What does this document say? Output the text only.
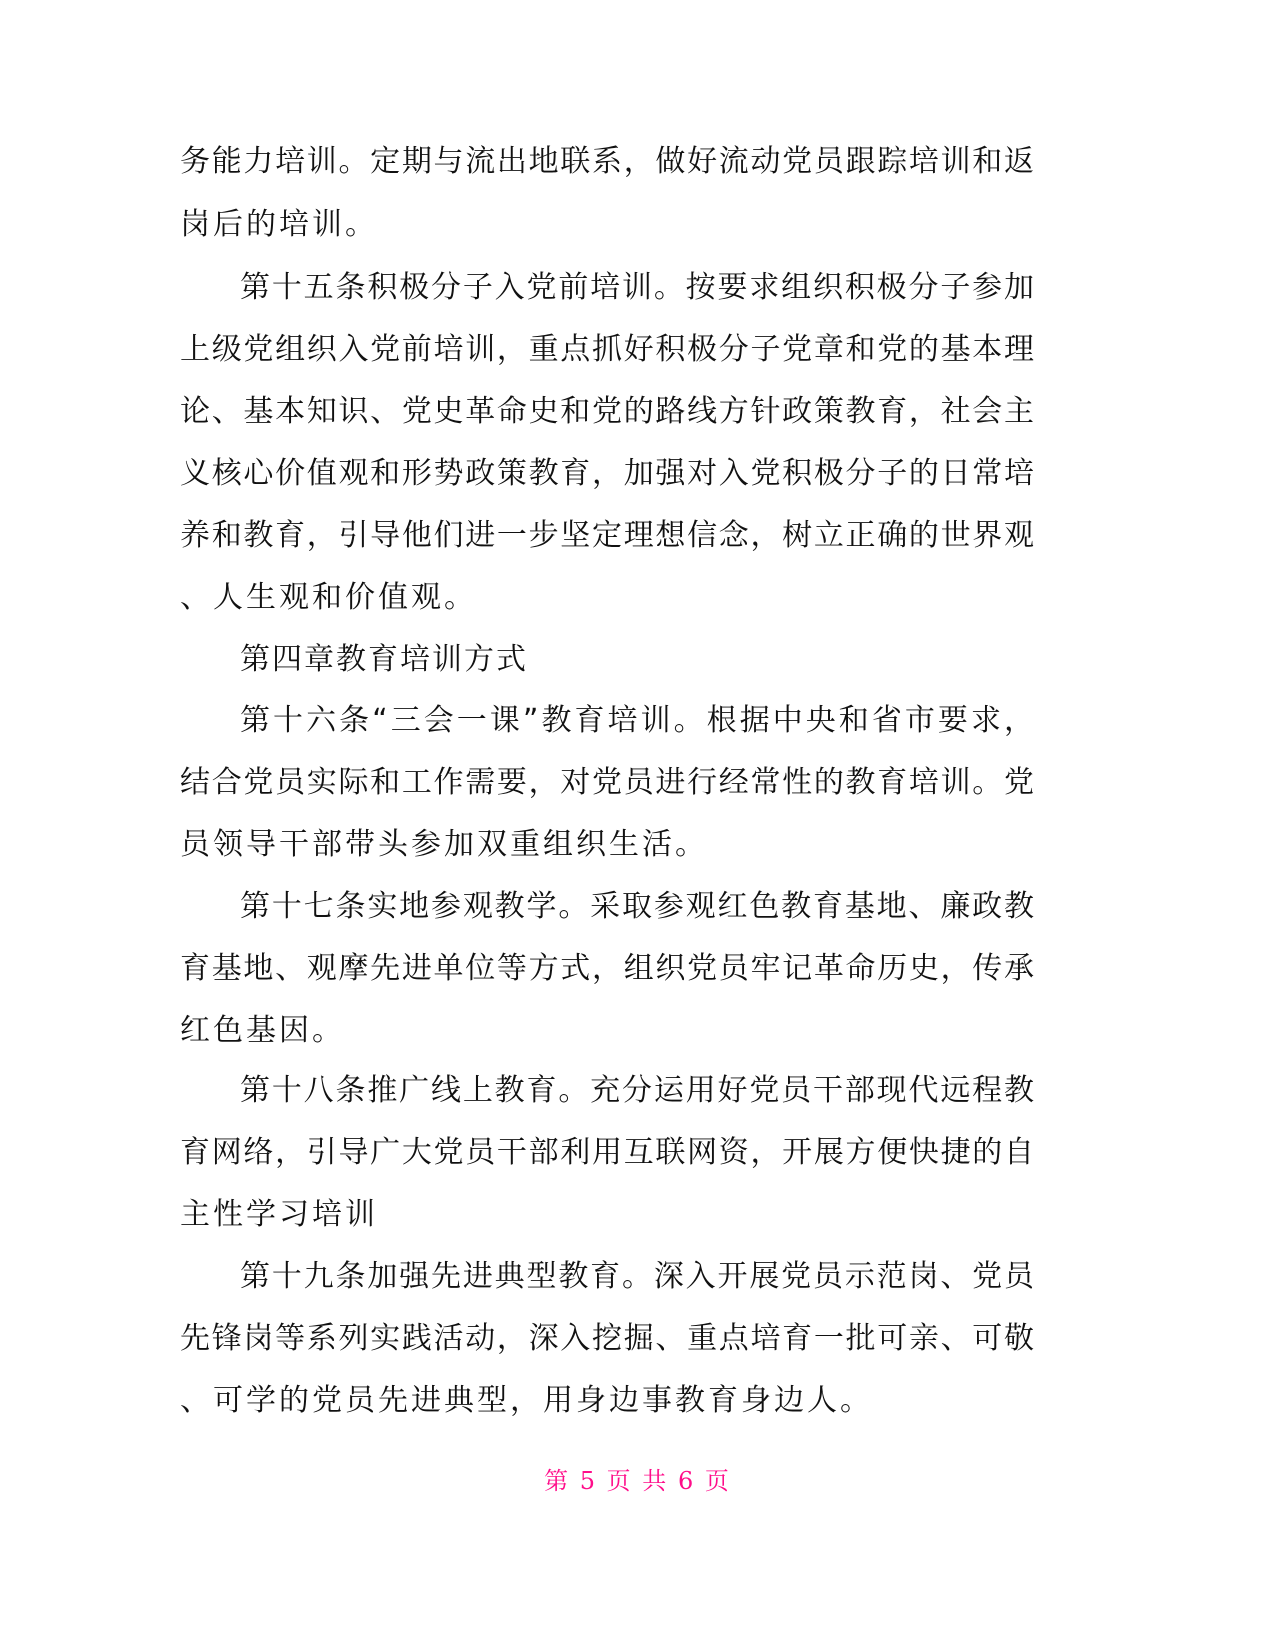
务能力培训。定期与流出地联系，做好流动党员跟踪培训和返

岗后的培训。

第十五条积极分子入党前培训。按要求组织积极分子参加

上级党组织入党前培训，重点抓好积极分子党章和党的基本理

论、基本知识、党史革命史和党的路线方针政策教育，社会主

义核心价值观和形势政策教育，加强对入党积极分子的日常培

养和教育，引导他们进一步坚定理想信念，树立正确的世界观

、人生观和价值观。

第四章教育培训方式

第十六条“三会一课”教育培训。根据中央和省市要求，

结合党员实际和工作需要，对党员进行经常性的教育培训。党

员领导干部带头参加双重组织生活。

第十七条实地参观教学。采取参观红色教育基地、廉政教

育基地、观摩先进单位等方式，组织党员牢记革命历史，传承

红色基因。

第十八条推广线上教育。充分运用好党员干部现代远程教

育网络，引导广大党员干部利用互联网资，开展方便快捷的自

主性学习培训

第十九条加强先进典型教育。深入开展党员示范岗、党员

先锋岗等系列实践活动，深入挖掘、重点培育一批可亲、可敬

、可学的党员先进典型，用身边事教育身边人。

第 5 页 共 6 页
